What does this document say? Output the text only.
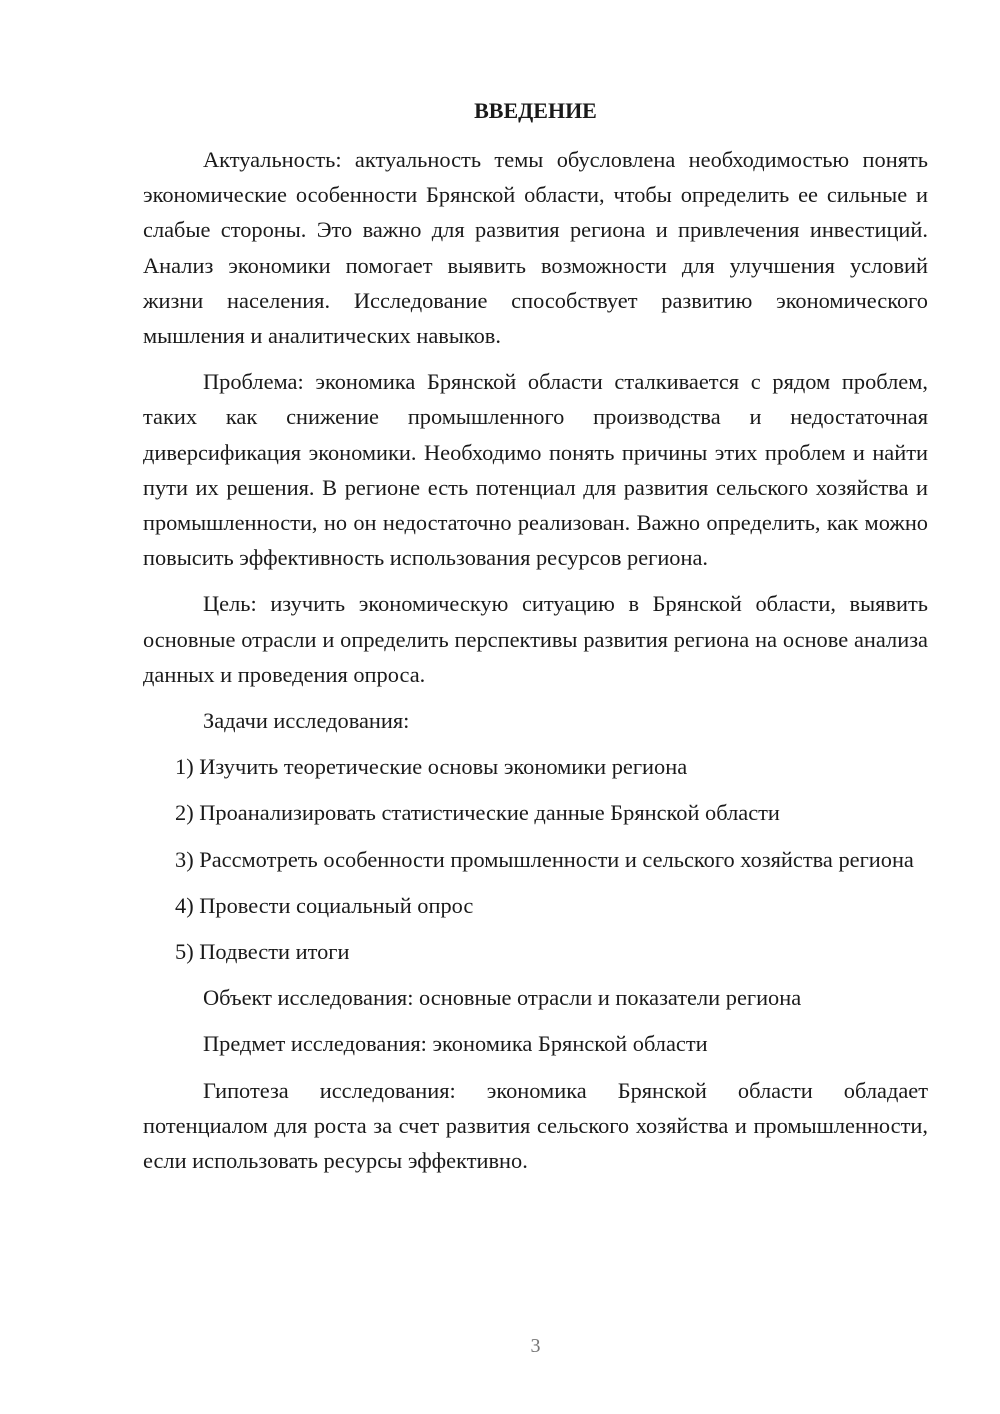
ВВЕДЕНИЕ

Актуальность: актуальность темы обусловлена необходимостью понять экономические особенности Брянской области, чтобы определить ее сильные и слабые стороны. Это важно для развития региона и привлечения инвестиций. Анализ экономики помогает выявить возможности для улучшения условий жизни населения. Исследование способствует развитию экономического мышления и аналитических навыков.

Проблема: экономика Брянской области сталкивается с рядом проблем, таких как снижение промышленного производства и недостаточная диверсификация экономики. Необходимо понять причины этих проблем и найти пути их решения. В регионе есть потенциал для развития сельского хозяйства и промышленности, но он недостаточно реализован. Важно определить, как можно повысить эффективность использования ресурсов региона.

Цель: изучить экономическую ситуацию в Брянской области, выявить основные отрасли и определить перспективы развития региона на основе анализа данных и проведения опроса.

Задачи исследования:

1) Изучить теоретические основы экономики региона

2) Проанализировать статистические данные Брянской области

3) Рассмотреть особенности промышленности и сельского хозяйства региона

4) Провести социальный опрос

5) Подвести итоги

Объект исследования: основные отрасли и показатели региона

Предмет исследования: экономика Брянской области

Гипотеза исследования: экономика Брянской области обладает потенциалом для роста за счет развития сельского хозяйства и промышленности, если использовать ресурсы эффективно.

3
